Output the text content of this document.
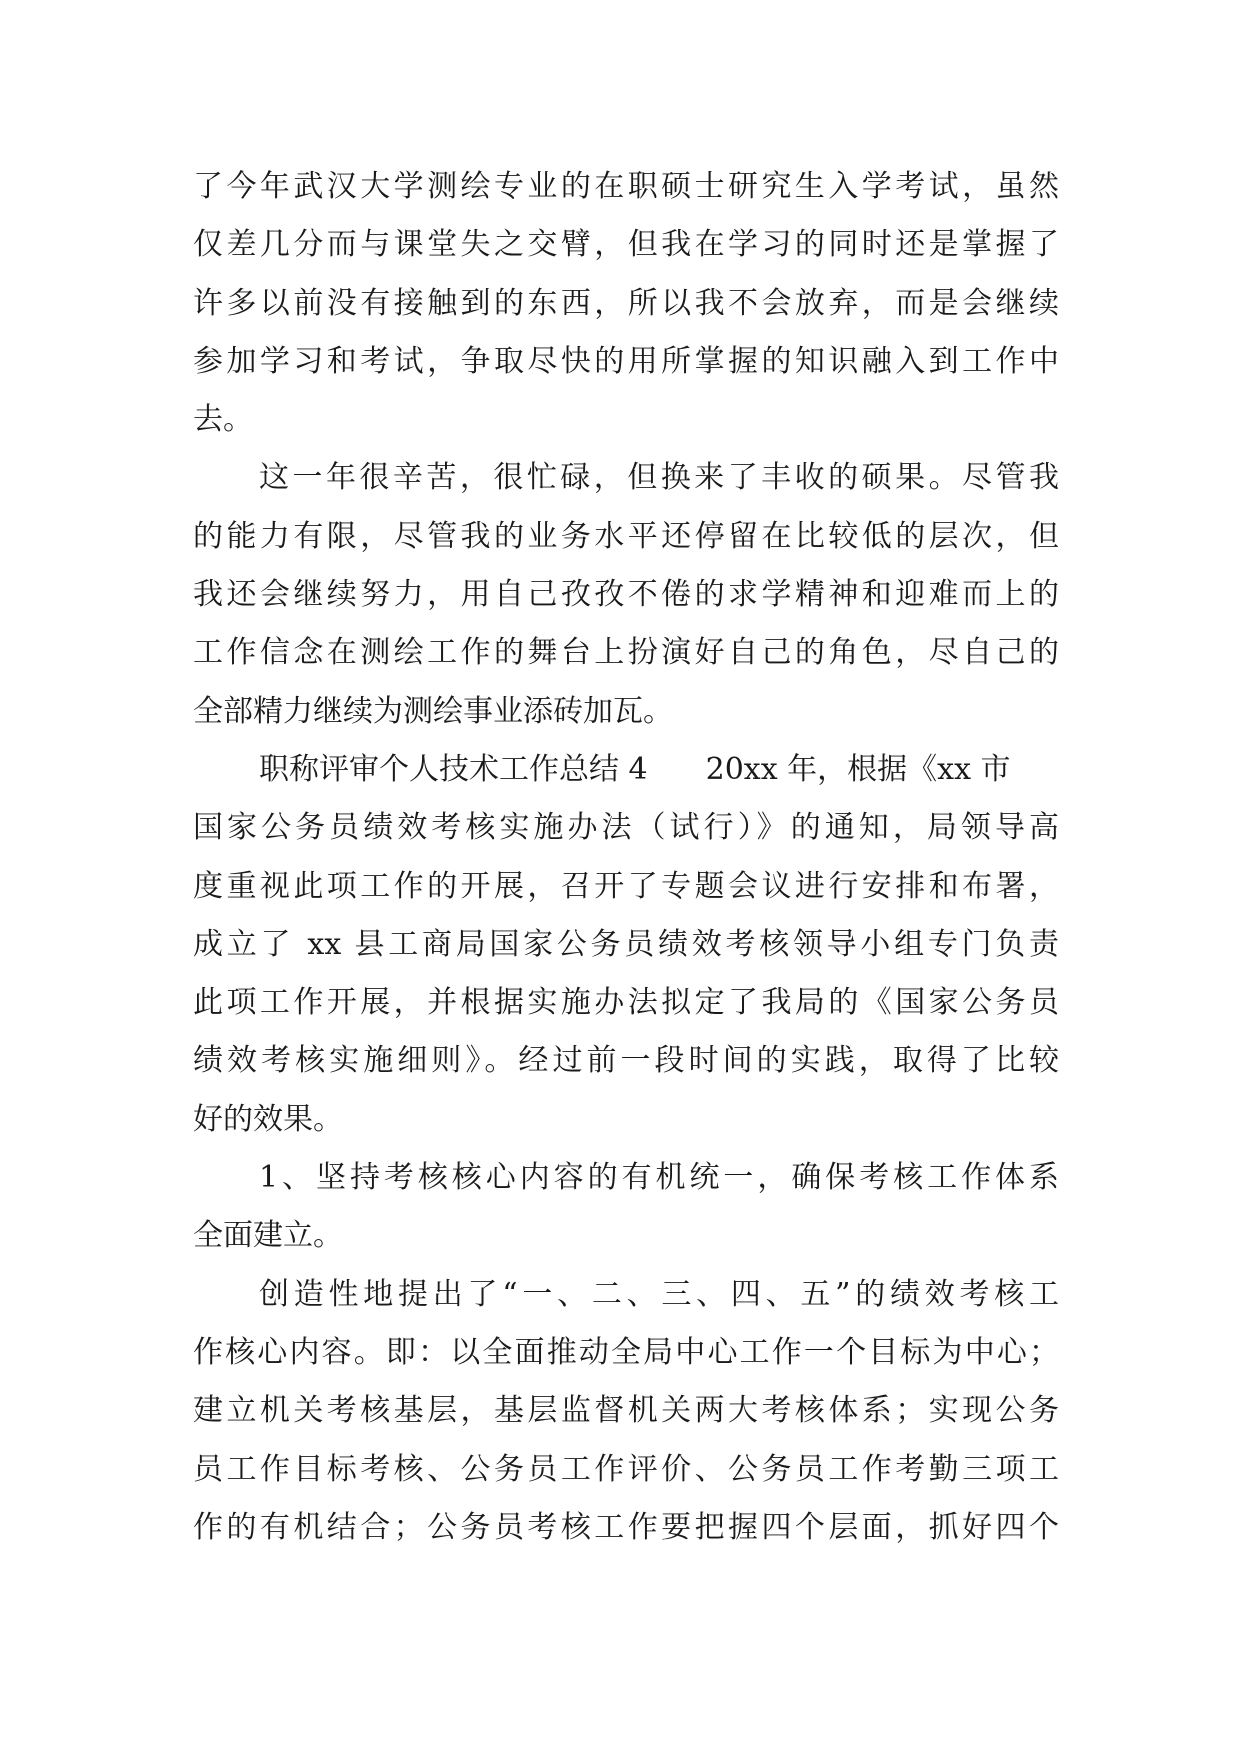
了今年武汉大学测绘专业的在职硕士研究生入学考试，虽然
仅差几分而与课堂失之交臂，但我在学习的同时还是掌握了
许多以前没有接触到的东西，所以我不会放弃，而是会继续
参加学习和考试，争取尽快的用所掌握的知识融入到工作中
去。
这一年很辛苦，很忙碌，但换来了丰收的硕果。尽管我
的能力有限，尽管我的业务水平还停留在比较低的层次，但
我还会继续努力，用自己孜孜不倦的求学精神和迎难而上的
工作信念在测绘工作的舞台上扮演好自己的角色，尽自己的
全部精力继续为测绘事业添砖加瓦。
职称评审个人技术工作总结 4 20xx 年，根据《xx 市
国家公务员绩效考核实施办法（试行）》的通知，局领导高
度重视此项工作的开展，召开了专题会议进行安排和布署，
成立了 xx 县工商局国家公务员绩效考核领导小组专门负责
此项工作开展，并根据实施办法拟定了我局的《国家公务员
绩效考核实施细则》。经过前一段时间的实践，取得了比较
好的效果。
1、坚持考核核心内容的有机统一，确保考核工作体系
全面建立。
创造性地提出了“一、二、三、四、五”的绩效考核工
作核心内容。即：以全面推动全局中心工作一个目标为中心；
建立机关考核基层，基层监督机关两大考核体系；实现公务
员工作目标考核、公务员工作评价、公务员工作考勤三项工
作的有机结合；公务员考核工作要把握四个层面，抓好四个
